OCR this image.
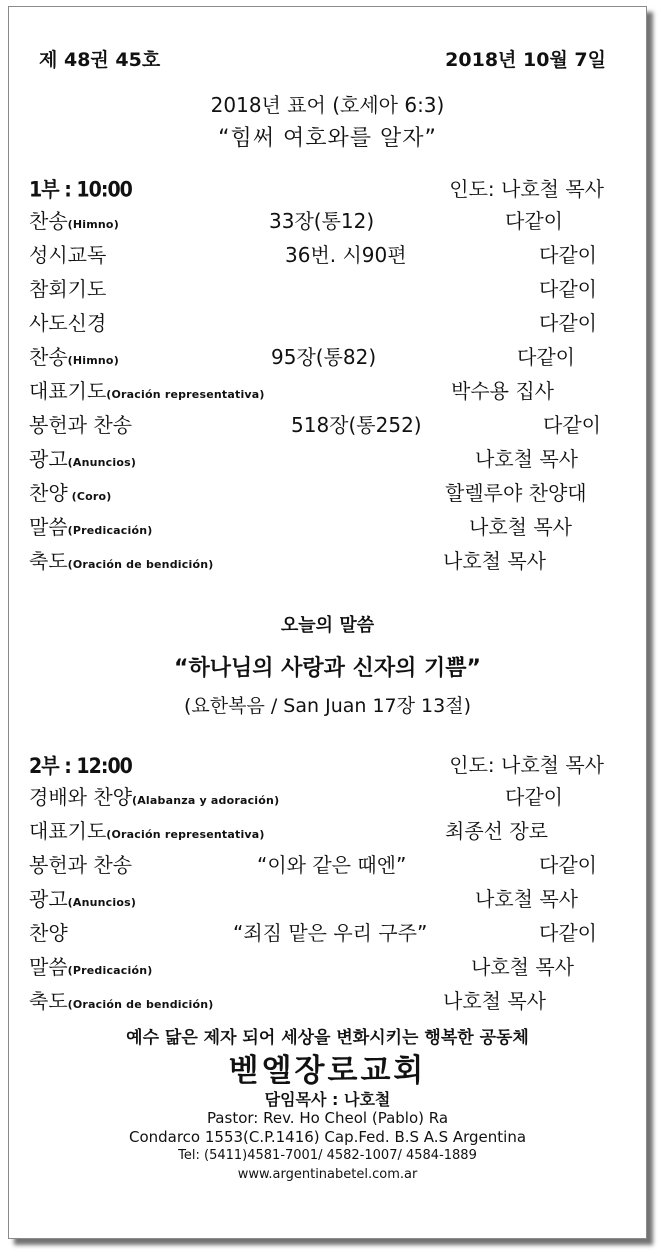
제 48권 45호	2018년 10월 7일
2018년 표어 (호세아 6:3)
“힘써 여호와를 알자”
1부 : 10:00	인도: 나호철 목사
찬송(Himno)	33장(통12)	다같이
성시교독	36번. 시90편	다같이
참회기도	다같이
사도신경	다같이
찬송(Himno)	95장(통82)	다같이
대표기도(Oración representativa)	박수용 집사
봉헌과 찬송	518장(통252)	다같이
광고(Anuncios)	나호철 목사
찬양 (Coro)	할렐루야 찬양대
말씀(Predicación)	나호철 목사
축도(Oración de bendición)	나호철 목사
오늘의 말씀
“하나님의 사랑과 신자의 기쁨”
(요한복음 / San Juan 17장 13절)
2부 : 12:00	인도: 나호철 목사
경배와 찬양(Alabanza y adoración)	다같이
대표기도(Oración representativa)	최종선 장로
봉헌과 찬송	“이와 같은 때엔”	다같이
광고(Anuncios)	나호철 목사
찬양	“죄짐 맡은 우리 구주”	다같이
말씀(Predicación)	나호철 목사
축도(Oración de bendición)	나호철 목사
예수 닮은 제자 되어 세상을 변화시키는 행복한 공동체
벧엘장로교회
담임목사 : 나호철
Pastor: Rev. Ho Cheol (Pablo) Ra
Condarco 1553(C.P.1416) Cap.Fed. B.S A.S Argentina
Tel: (5411)4581-7001/ 4582-1007/ 4584-1889
www.argentinabetel.com.ar
